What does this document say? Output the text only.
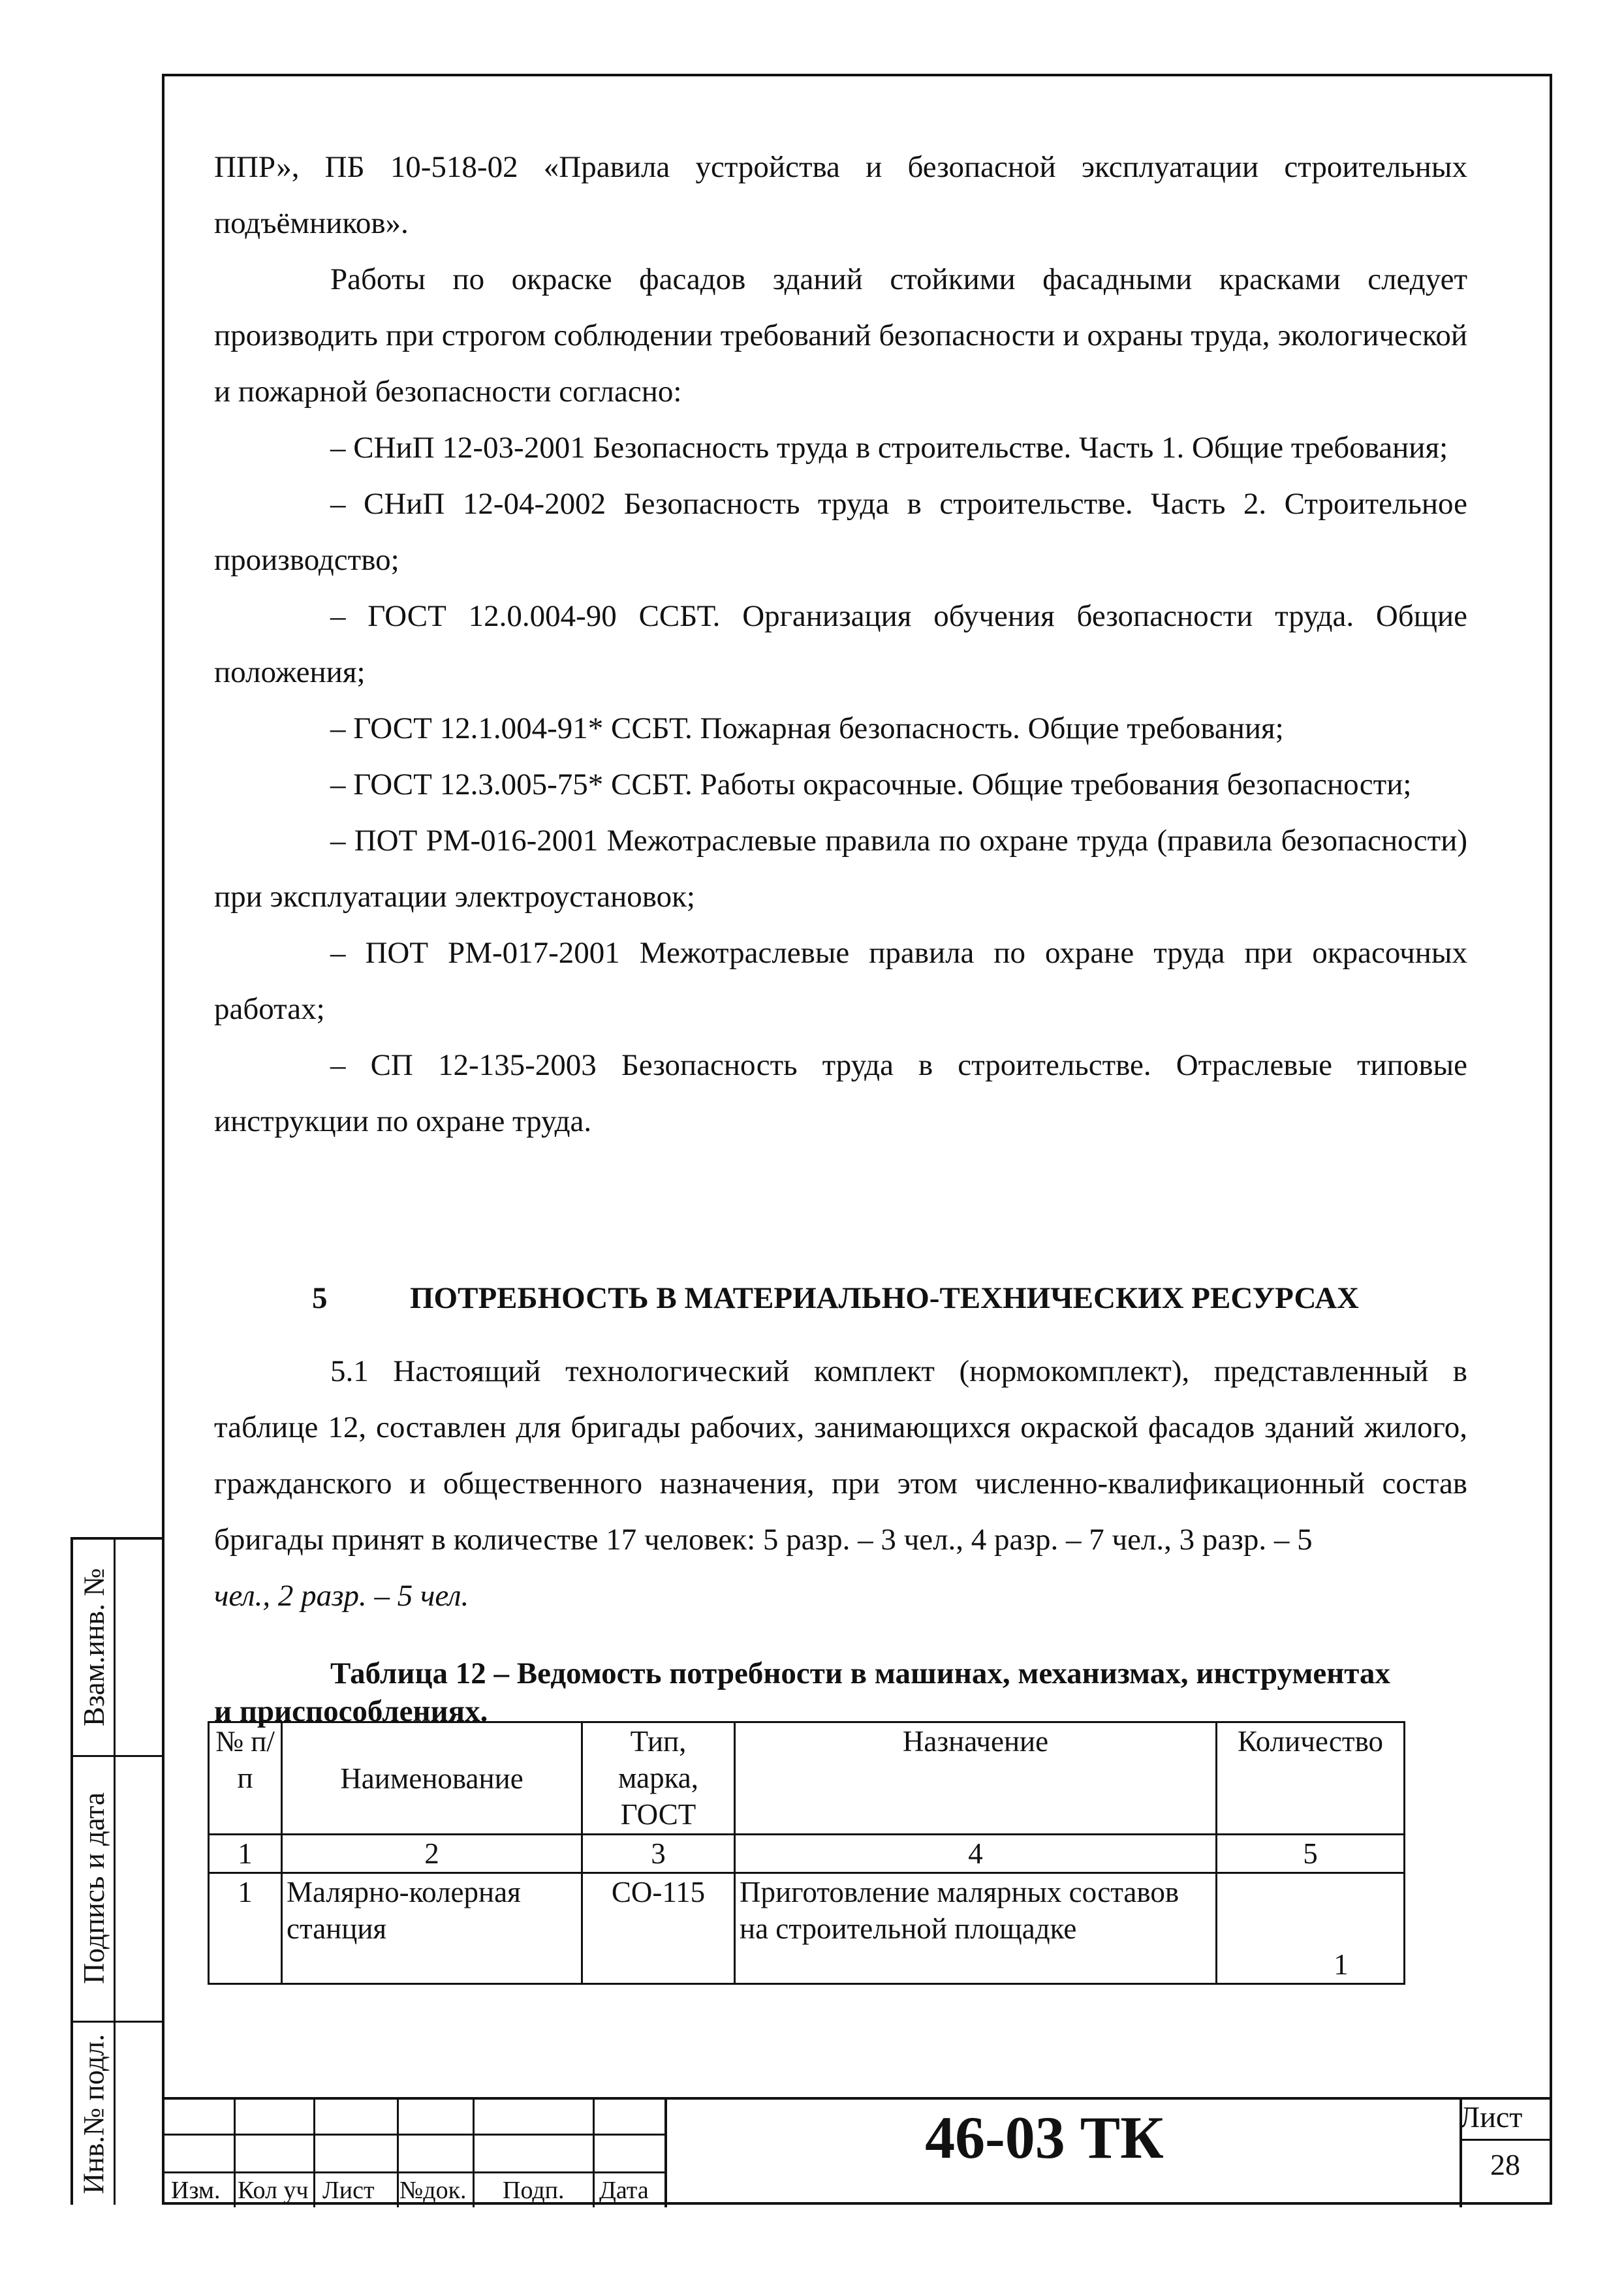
ППР», ПБ 10-518-02 «Правила устройства и безопасной эксплуатации строительных подъёмников».

Работы по окраске фасадов зданий стойкими фасадными красками следует производить при строгом соблюдении требований безопасности и охраны труда, экологической и пожарной безопасности согласно:

– СНиП 12-03-2001 Безопасность труда в строительстве. Часть 1. Общие требования;

– СНиП 12-04-2002 Безопасность труда в строительстве. Часть 2. Строительное производство;

– ГОСТ 12.0.004-90 ССБТ. Организация обучения безопасности труда. Общие положения;

– ГОСТ 12.1.004-91* ССБТ. Пожарная безопасность. Общие требования;

– ГОСТ 12.3.005-75* ССБТ. Работы окрасочные. Общие требования безопасности;

– ПОТ РМ-016-2001 Межотраслевые правила по охране труда (правила безопасности) при эксплуатации электроустановок;

– ПОТ РМ-017-2001 Межотраслевые правила по охране труда при окрасочных работах;

– СП 12-135-2003 Безопасность труда в строительстве. Отраслевые типовые инструкции по охране труда.

5	ПОТРЕБНОСТЬ В МАТЕРИАЛЬНО-ТЕХНИЧЕСКИХ РЕСУРСАХ

5.1 Настоящий технологический комплект (нормокомплект), представленный в таблице 12, составлен для бригады рабочих, занимающихся окраской фасадов зданий жилого, гражданского и общественного назначения, при этом численно-квалификационный состав бригады принят в количестве 17 человек: 5 разр. – 3 чел., 4 разр. – 7 чел., 3 разр. – 5

чел., 2 разр. – 5 чел.

Таблица 12 – Ведомость потребности в машинах, механизмах, инструментах
и приспособлениях.
№ п/п	Наименование	Тип, марка, ГОСТ	Назначение	Количество
1	2	3	4	5
1	Малярно-колерная станция	СО-115	Приготовление малярных составов на строительной площадке	1
Взам.инв. №
Подпись и дата
Инв.№ подл. Изм. Кол уч Лист №док. Подп. Дата
46-03 ТК	Лист
28
